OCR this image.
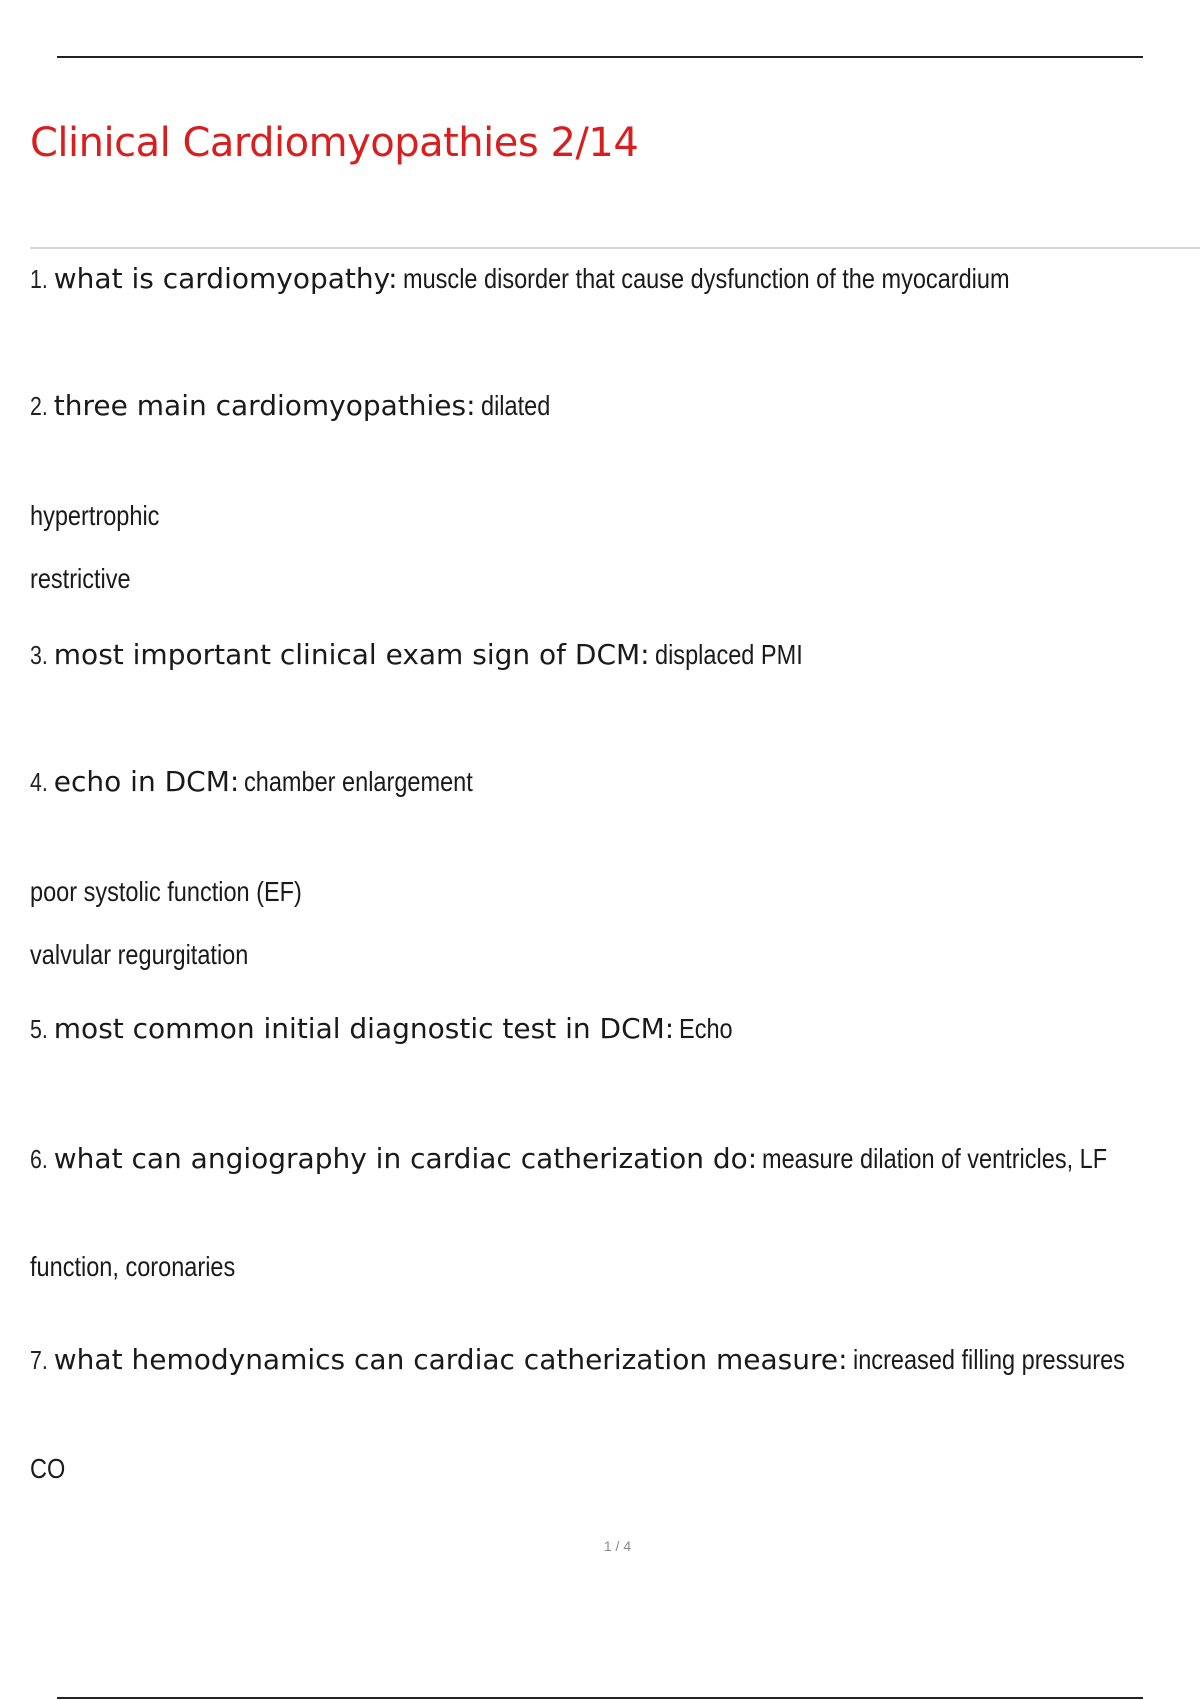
Clinical Cardiomyopathies 2/14

1. what is cardiomyopathy: muscle disorder that cause dysfunction of the myocardium

2. three main cardiomyopathies: dilated

hypertrophic

restrictive

3. most important clinical exam sign of DCM: displaced PMI

4. echo in DCM: chamber enlargement

poor systolic function (EF)

valvular regurgitation

5. most common initial diagnostic test in DCM: Echo

6. what can angiography in cardiac catherization do: measure dilation of ventricles, LF

function, coronaries

7. what hemodynamics can cardiac catherization measure: increased filling pressures

CO

1 / 4
